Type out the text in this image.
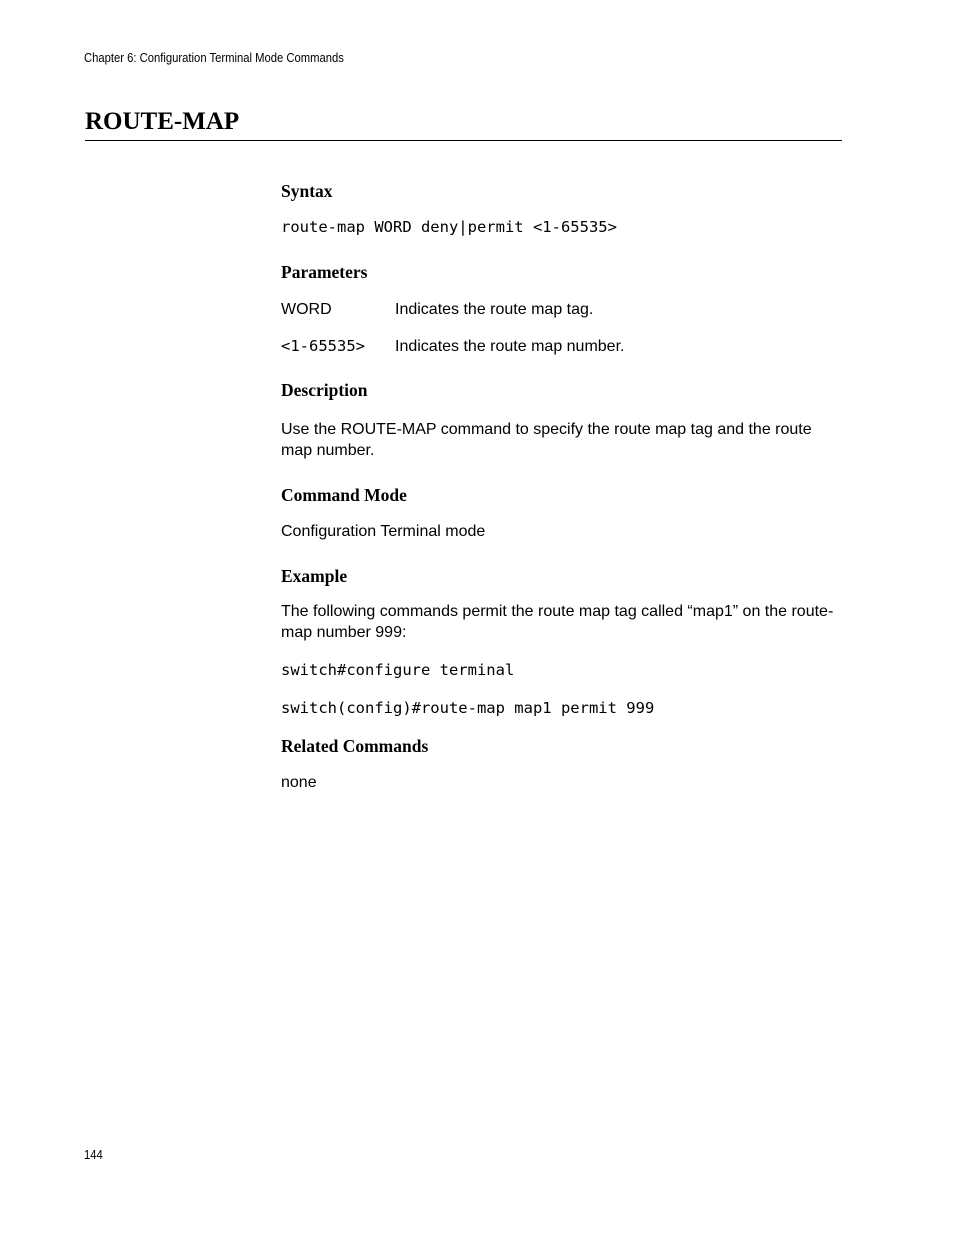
Chapter 6: Configuration Terminal Mode Commands
ROUTE-MAP
Syntax
route-map WORD deny|permit <1-65535>
Parameters
WORD	Indicates the route map tag.
<1-65535> Indicates the route map number.
Description
Use the ROUTE-MAP command to specify the route map tag and the route map number.
Command Mode
Configuration Terminal mode
Example
The following commands permit the route map tag called “map1” on the route-map number 999:
switch#configure terminal
switch(config)#route-map map1 permit 999
Related Commands
none
144
